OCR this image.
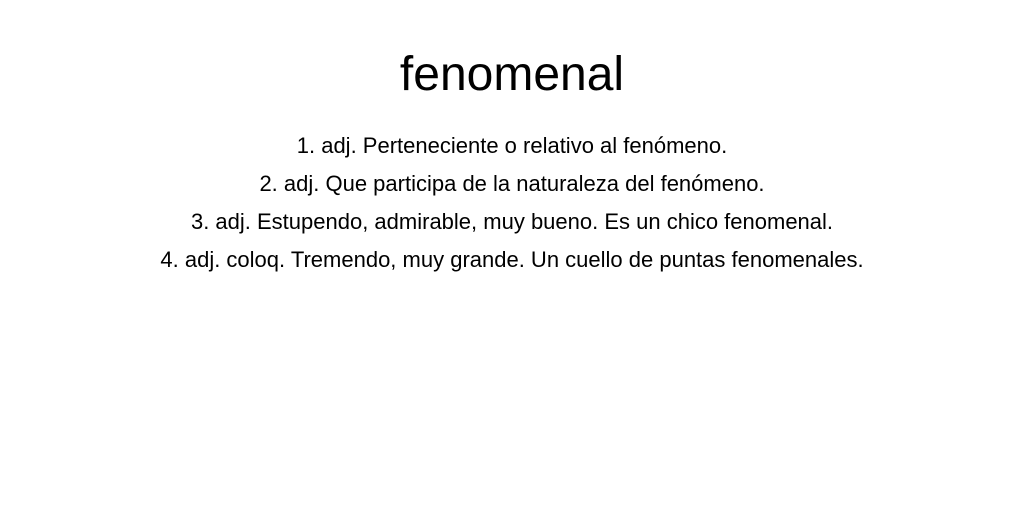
fenomenal
1. adj. Perteneciente o relativo al fenómeno.
2. adj. Que participa de la naturaleza del fenómeno.
3. adj. Estupendo, admirable, muy bueno. Es un chico fenomenal.
4. adj. coloq. Tremendo, muy grande. Un cuello de puntas fenomenales.
